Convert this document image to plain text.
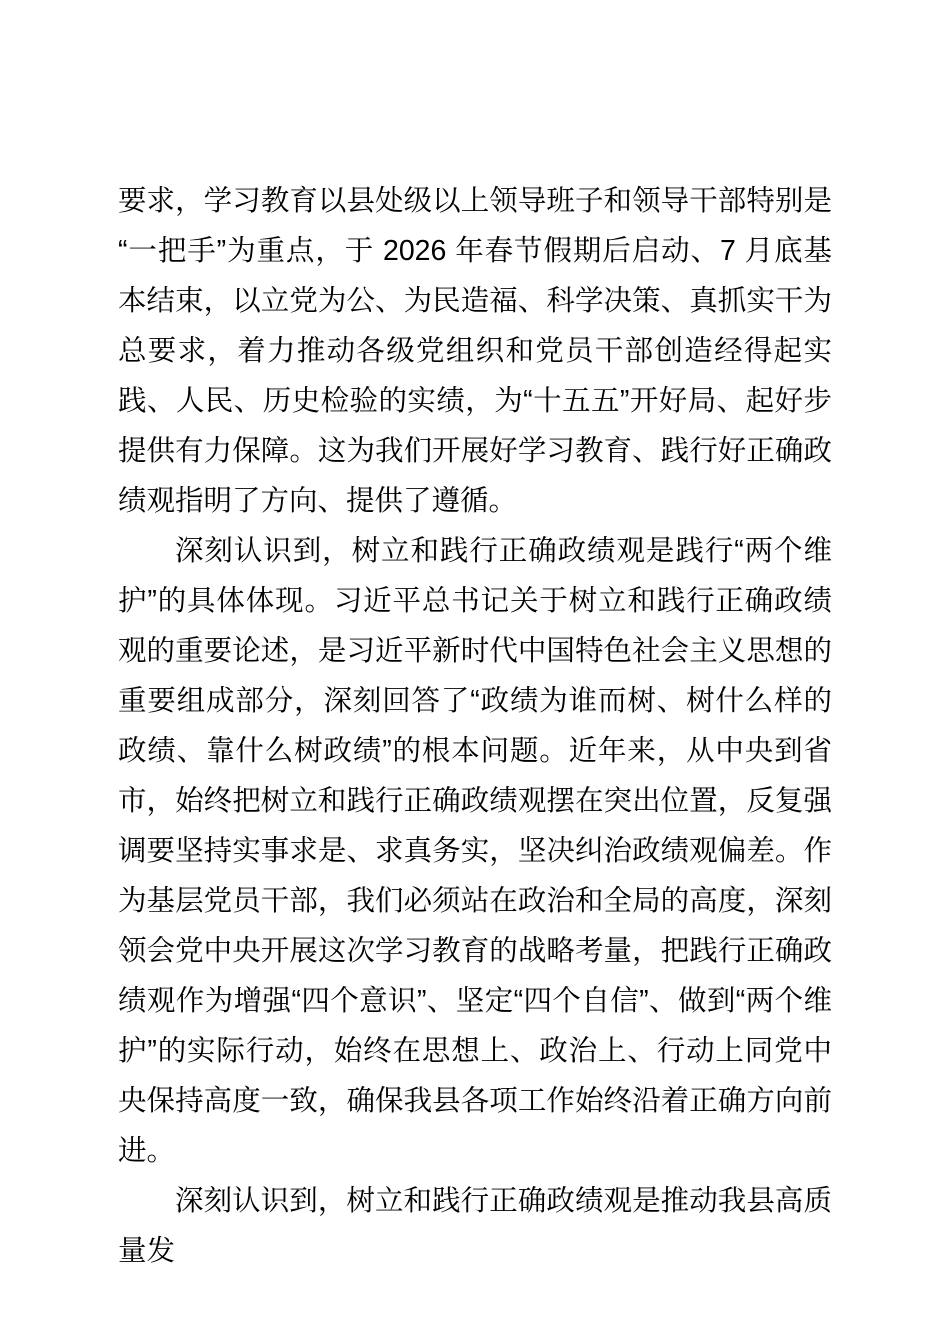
要求，学习教育以县处级以上领导班子和领导干部特别是“一把手”为重点，于 2026 年春节假期后启动、7 月底基本结束，以立党为公、为民造福、科学决策、真抓实干为总要求，着力推动各级党组织和党员干部创造经得起实践、人民、历史检验的实绩，为“十五五”开好局、起好步提供有力保障。这为我们开展好学习教育、践行好正确政绩观指明了方向、提供了遵循。

深刻认识到，树立和践行正确政绩观是践行“两个维护”的具体体现。习近平总书记关于树立和践行正确政绩观的重要论述，是习近平新时代中国特色社会主义思想的重要组成部分，深刻回答了“政绩为谁而树、树什么样的政绩、靠什么树政绩”的根本问题。近年来，从中央到省市，始终把树立和践行正确政绩观摆在突出位置，反复强调要坚持实事求是、求真务实，坚决纠治政绩观偏差。作为基层党员干部，我们必须站在政治和全局的高度，深刻领会党中央开展这次学习教育的战略考量，把践行正确政绩观作为增强“四个意识”、坚定“四个自信”、做到“两个维护”的实际行动，始终在思想上、政治上、行动上同党中央保持高度一致，确保我县各项工作始终沿着正确方向前进。

深刻认识到，树立和践行正确政绩观是推动我县高质量发
